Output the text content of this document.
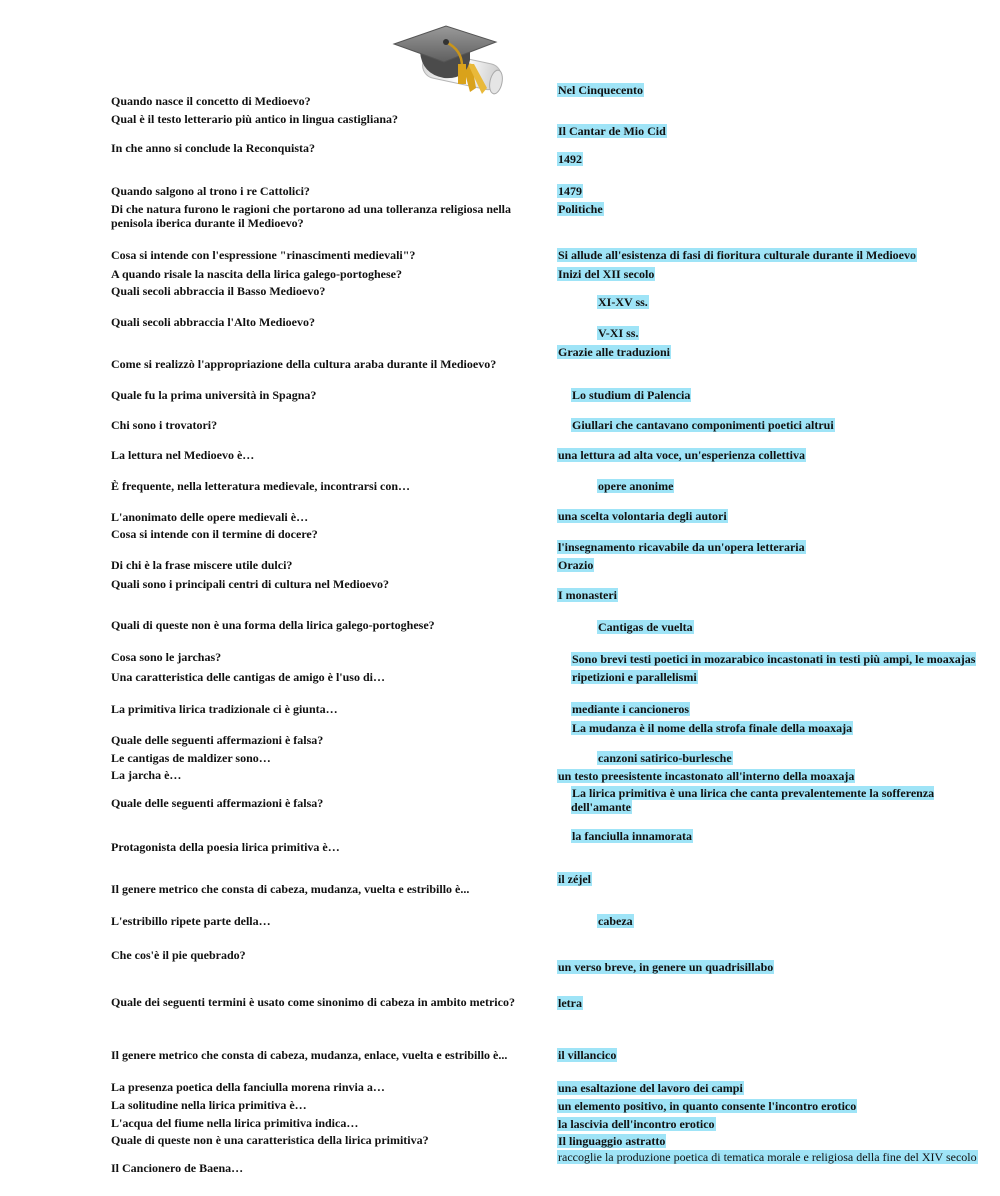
Quando nasce il concetto di Medioevo?
Qual è il testo letterario più antico in lingua castigliana?
In che anno si conclude la Reconquista?
Quando salgono al trono i re Cattolici?
Di che natura furono le ragioni che portarono ad una tolleranza religiosa nella penisola iberica durante il Medioevo?
Cosa si intende con l'espressione "rinascimenti medievali"?
A quando risale la nascita della lirica galego-portoghese?
Quali secoli abbraccia il Basso Medioevo?
Quali secoli abbraccia l'Alto Medioevo?
Come si realizzò l'appropriazione della cultura araba durante il Medioevo?
Quale fu la prima università in Spagna?
Chi sono i trovatori?
La lettura nel Medioevo è…
È frequente, nella letteratura medievale, incontrarsi con…
L'anonimato delle opere medievali è…
Cosa si intende con il termine di docere?
Di chi è la frase miscere utile dulci?
Quali sono i principali centri di cultura nel Medioevo?
Quali di queste non è una forma della lirica galego-portoghese?
Cosa sono le jarchas?
Una caratteristica delle cantigas de amigo è l'uso di…
La primitiva lirica tradizionale ci è giunta…
Quale delle seguenti affermazioni è falsa?
Le cantigas de maldizer sono…
La jarcha è…
Quale delle seguenti affermazioni è falsa?
Protagonista della poesia lirica primitiva è…
Il genere metrico che consta di cabeza, mudanza, vuelta e estribillo è...
L'estribillo ripete parte della…
Che cos'è il pie quebrado?
Quale dei seguenti termini è usato come sinonimo di cabeza in ambito metrico?
Il genere metrico che consta di cabeza, mudanza, enlace, vuelta e estribillo è...
La presenza poetica della fanciulla morena rinvia a…
La solitudine nella lirica primitiva è…
L'acqua del fiume nella lirica primitiva indica…
Quale di queste non è una caratteristica della lirica primitiva?
Il Cancionero de Baena…
Nel Cinquecento
Il Cantar de Mio Cid
1492
1479
Politiche
Si allude all'esistenza di fasi di fioritura culturale durante il Medioevo
Inizi del XII secolo
XI-XV ss.
V-XI ss.
Grazie alle traduzioni
Lo studium di Palencia
Giullari che cantavano componimenti poetici altrui
una lettura ad alta voce, un'esperienza collettiva
opere anonime
una scelta volontaria degli autori
l'insegnamento ricavabile da un'opera letteraria
Orazio
I monasteri
Cantigas de vuelta
Sono brevi testi poetici in mozarabico incastonati in testi più ampi, le moaxajas
ripetizioni e parallelismi
mediante i cancioneros
La mudanza è il nome della strofa finale della moaxaja
canzoni satirico-burlesche
un testo preesistente incastonato all'interno della moaxaja
La lirica primitiva è una lirica che canta prevalentemente la sofferenza dell'amante
la fanciulla innamorata
il zéjel
cabeza
un verso breve, in genere un quadrisillabo
letra
il villancico
una esaltazione del lavoro dei campi
un elemento positivo, in quanto consente l'incontro erotico
la lascivia dell'incontro erotico
Il linguaggio astratto
raccoglie la produzione poetica di tematica morale e religiosa della fine del XIV secolo
